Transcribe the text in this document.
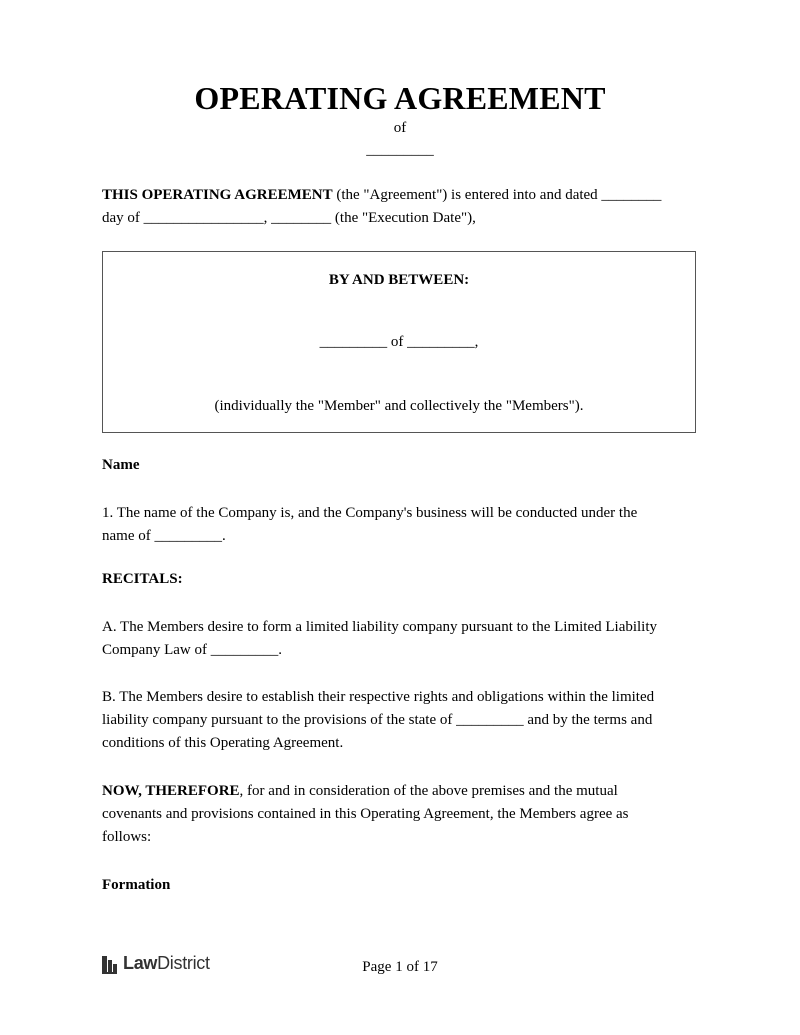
OPERATING AGREEMENT
of
_________
THIS OPERATING AGREEMENT (the "Agreement") is entered into and dated ________
day of ________________, ________ (the "Execution Date"),
BY AND BETWEEN:
_________ of _________,
(individually the "Member" and collectively the "Members").
Name
1. The name of the Company is, and the Company's business will be conducted under the
name of _________.
RECITALS:
A. The Members desire to form a limited liability company pursuant to the Limited Liability
Company Law of _________.
B. The Members desire to establish their respective rights and obligations within the limited
liability company pursuant to the provisions of the state of _________ and by the terms and
conditions of this Operating Agreement.
NOW, THEREFORE, for and in consideration of the above premises and the mutual
covenants and provisions contained in this Operating Agreement, the Members agree as
follows:
Formation
LawDistrict	Page 1 of 17
